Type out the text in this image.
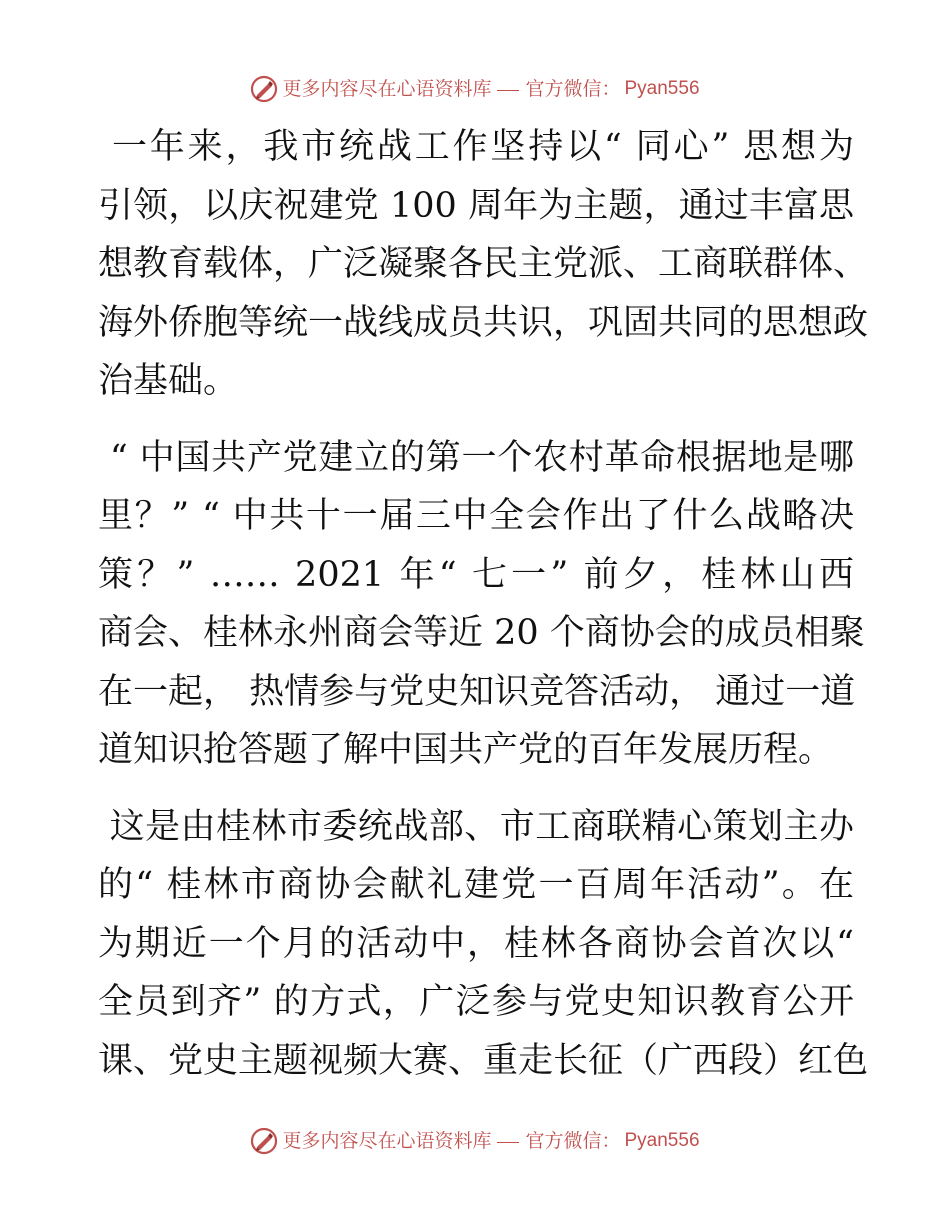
更多内容尽在心语资料库 官方微信： Pyan556
一年来，我市统战工作坚持以“ 同心” 思想为
引领，以庆祝建党 100 周年为主题，通过丰富思
想教育载体，广泛凝聚各民主党派、工商联群体、
海外侨胞等统一战线成员共识，巩固共同的思想政
治基础。
“ 中国共产党建立的第一个农村革命根据地是哪
里？” “ 中共十一届三中全会作出了什么战略决
策？” …… 2021 年“ 七一” 前夕，桂林山西
商会、桂林永州商会等近 20 个商协会的成员相聚
在一起， 热情参与党史知识竞答活动， 通过一道
道知识抢答题了解中国共产党的百年发展历程。
这是由桂林市委统战部、市工商联精心策划主办
的“ 桂林市商协会献礼建党一百周年活动”。在
为期近一个月的活动中，桂林各商协会首次以“
全员到齐” 的方式，广泛参与党史知识教育公开
课、党史主题视频大赛、重走长征（广西段）红色
更多内容尽在心语资料库 官方微信： Pyan556
